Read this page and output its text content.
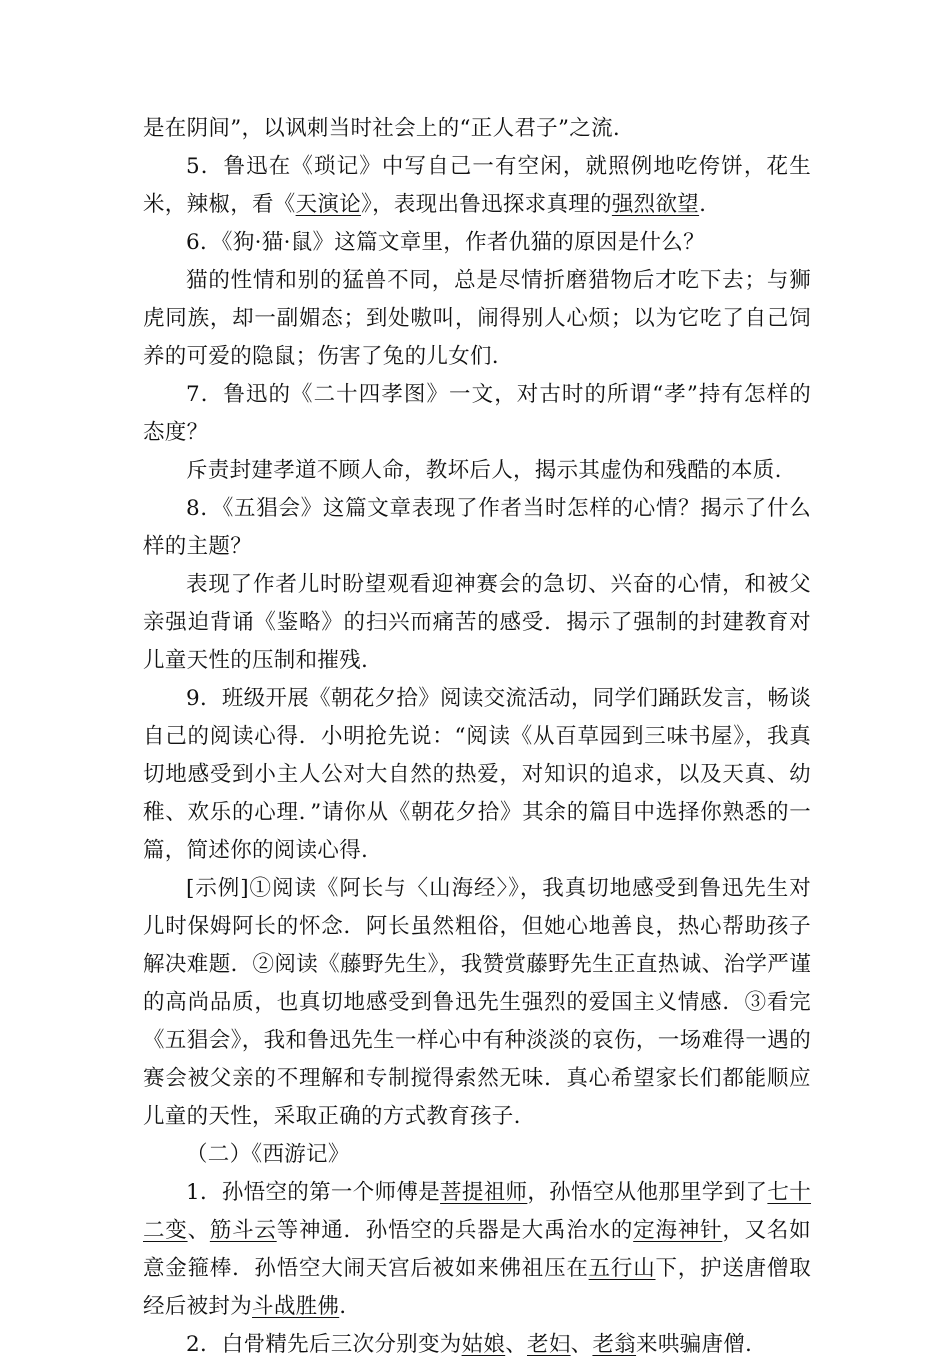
是在阴间”，以讽刺当时社会上的“正人君子”之流.

5．鲁迅在《琐记》中写自己一有空闲，就照例地吃侉饼，花生米，辣椒，看《天演论》，表现出鲁迅探求真理的强烈欲望.

6．《狗·猫·鼠》这篇文章里，作者仇猫的原因是什么？

猫的性情和别的猛兽不同，总是尽情折磨猎物后才吃下去；与狮虎同族，却一副媚态；到处嗷叫，闹得别人心烦；以为它吃了自己饲养的可爱的隐鼠；伤害了兔的儿女们.

7．鲁迅的《二十四孝图》一文，对古时的所谓“孝”持有怎样的态度？

斥责封建孝道不顾人命，教坏后人，揭示其虚伪和残酷的本质.

8．《五猖会》这篇文章表现了作者当时怎样的心情？揭示了什么样的主题？

表现了作者儿时盼望观看迎神赛会的急切、兴奋的心情，和被父亲强迫背诵《鉴略》的扫兴而痛苦的感受．揭示了强制的封建教育对儿童天性的压制和摧残.

9．班级开展《朝花夕拾》阅读交流活动，同学们踊跃发言，畅谈自己的阅读心得．小明抢先说：“阅读《从百草园到三味书屋》，我真切地感受到小主人公对大自然的热爱，对知识的追求，以及天真、幼稚、欢乐的心理．”请你从《朝花夕拾》其余的篇目中选择你熟悉的一篇，简述你的阅读心得.

[示例]①阅读《阿长与〈山海经〉》，我真切地感受到鲁迅先生对儿时保姆阿长的怀念．阿长虽然粗俗，但她心地善良，热心帮助孩子解决难题．②阅读《藤野先生》，我赞赏藤野先生正直热诚、治学严谨的高尚品质，也真切地感受到鲁迅先生强烈的爱国主义情感．③看完《五猖会》，我和鲁迅先生一样心中有种淡淡的哀伤，一场难得一遇的赛会被父亲的不理解和专制搅得索然无味．真心希望家长们都能顺应儿童的天性，采取正确的方式教育孩子.

（二）《西游记》

1．孙悟空的第一个师傅是菩提祖师，孙悟空从他那里学到了七十二变、筋斗云等神通．孙悟空的兵器是大禹治水的定海神针，又名如意金箍棒．孙悟空大闹天宫后被如来佛祖压在五行山下，护送唐僧取经后被封为斗战胜佛.

2．白骨精先后三次分别变为姑娘、老妇、老翁来哄骗唐僧.
